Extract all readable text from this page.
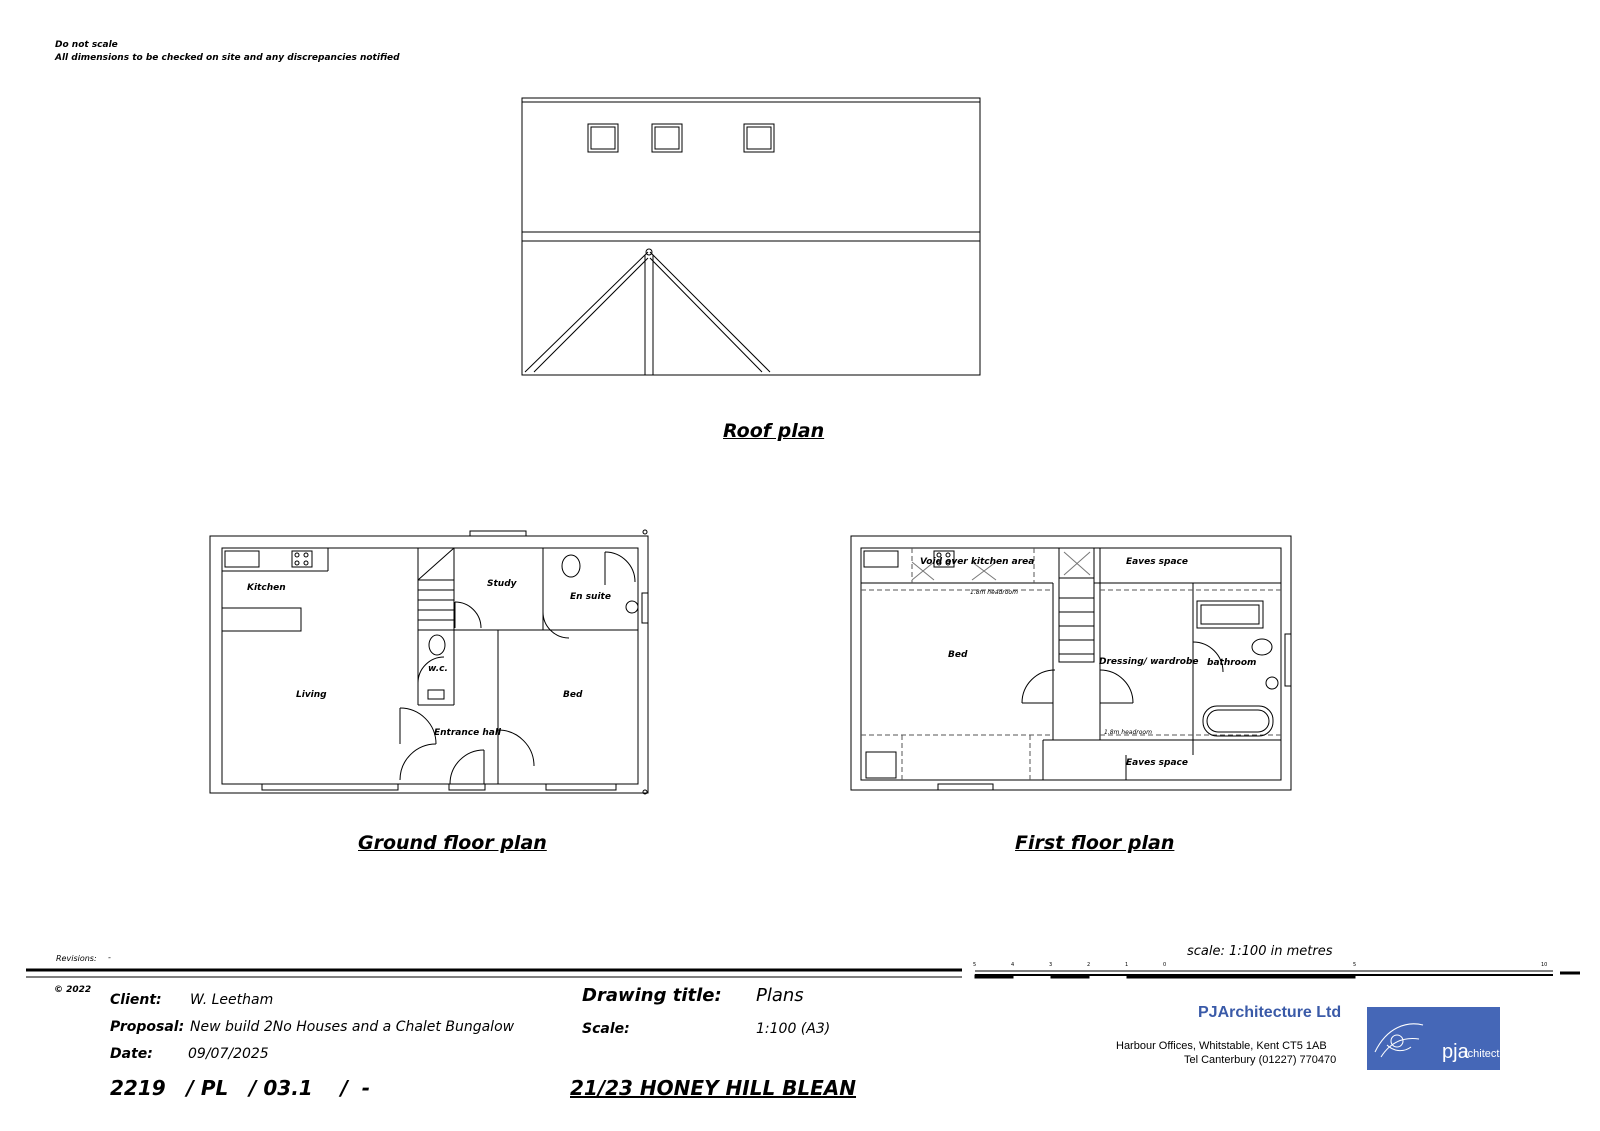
Do not scale
All dimensions to be checked on site and any discrepancies notified
Roof plan
Kitchen	Study
En suite
w.c.
Living	Bed
Entrance hall
Ground floor plan
Void over kitchen area	Eaves space
1.8m headroom
Bed
Dressing/ wardrobe bathroom
1.8m headroom
Eaves space
First floor plan
Revisions: -
© 2022
scale: 1:100 in metres
5	4	3	2	1	0	5	10
Client: W. Leetham
Proposal: New build 2No Houses and a Chalet Bungalow
Date:	09/07/2025
Drawing title: Plans
Scale:	1:100 (A3)
2219   / PL   / 03.1    /  -	21/23 HONEY HILL BLEAN
PJArchitecture Ltd
Harbour Offices, Whitstable, Kent CT5 1AB
Tel Canterbury (01227) 770470	pja
rchitecture
